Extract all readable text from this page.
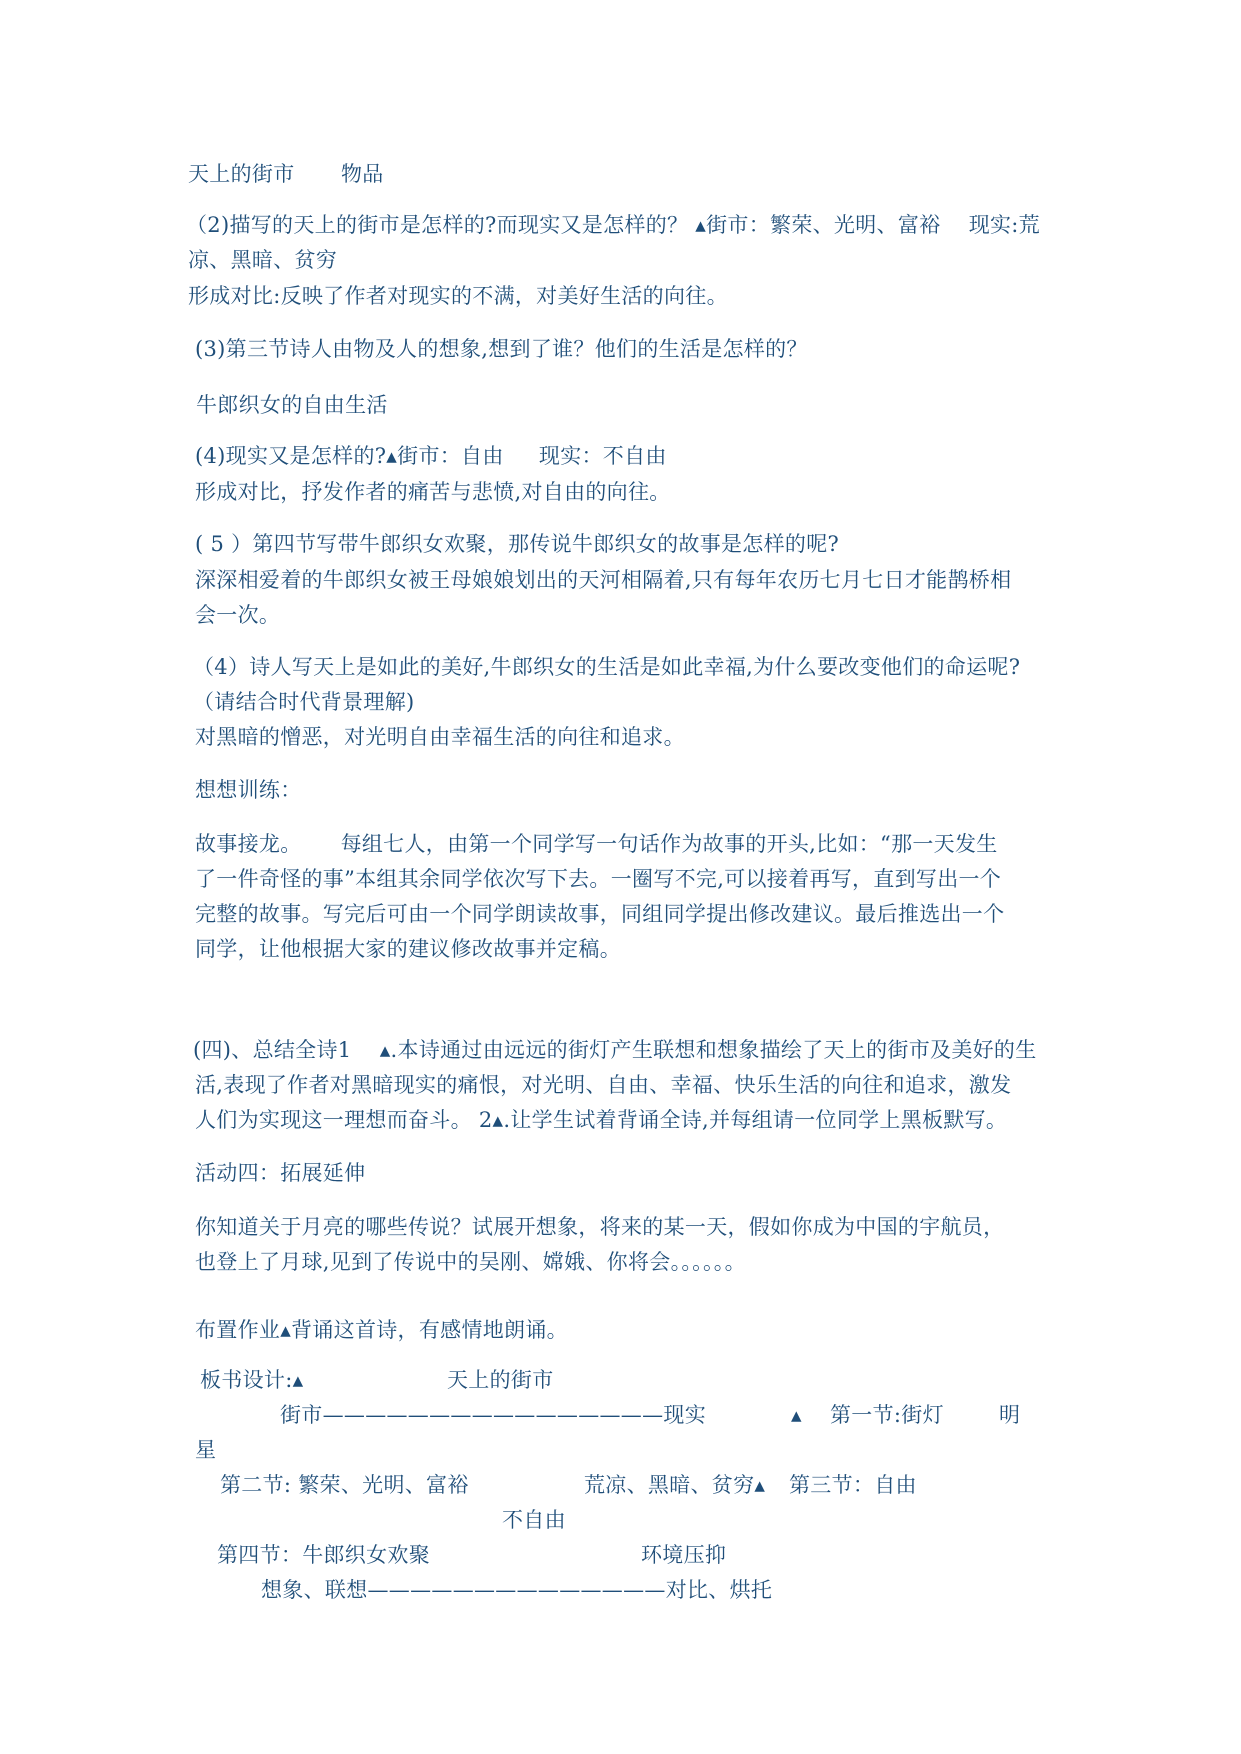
天上的街市 物品
（2)描写的天上的街市是怎样的?而现实又是怎样的？ ▴街市：繁荣、光明、富裕 　现实:荒
凉、黑暗、贫穷
形成对比:反映了作者对现实的不满，对美好生活的向往。
(3)第三节诗人由物及人的想象,想到了谁？他们的生活是怎样的？
牛郎织女的自由生活
(4)现实又是怎样的?▴街市：自由 　 现实：不自由
形成对比，抒发作者的痛苦与悲愤,对自由的向往。
( 5 ）第四节写带牛郎织女欢聚，那传说牛郎织女的故事是怎样的呢?
深深相爱着的牛郎织女被王母娘娘划出的天河相隔着,只有每年农历七月七日才能鹊桥相
会一次。
（4）诗人写天上是如此的美好,牛郎织女的生活是如此幸福,为什么要改变他们的命运呢?
（请结合时代背景理解)
对黑暗的憎恶，对光明自由幸福生活的向往和追求。
想想训练：
故事接龙。　　 每组七人，由第一个同学写一句话作为故事的开头,比如：“那一天发生
了一件奇怪的事”本组其余同学依次写下去。一圈写不完,可以接着再写，直到写出一个
完整的故事。写完后可由一个同学朗读故事，同组同学提出修改建议。最后推选出一个
同学，让他根据大家的建议修改故事并定稿。
(四)、总结全诗1 　▴.本诗通过由远远的街灯产生联想和想象描绘了天上的街市及美好的生
活,表现了作者对黑暗现实的痛恨，对光明、自由、幸福、快乐生活的向往和追求，激发
人们为实现这一理想而奋斗。 2▴.让学生试着背诵全诗,并每组请一位同学上黑板默写。
活动四：拓展延伸
你知道关于月亮的哪些传说？试展开想象，将来的某一天，假如你成为中国的宇航员，
也登上了月球,见到了传说中的吴刚、嫦娥、你将会。。。。。。
布置作业▴背诵这首诗，有感情地朗诵。
板书设计:▴	天上的街市
街市————————————————现实	▴ 第一节:街灯	明
星
第二节: 繁荣、光明、富裕	荒凉、黑暗、贫穷▴ 第三节：自由
不自由
第四节：牛郎织女欢聚	环境压抑
想象、联想——————————————对比、烘托
